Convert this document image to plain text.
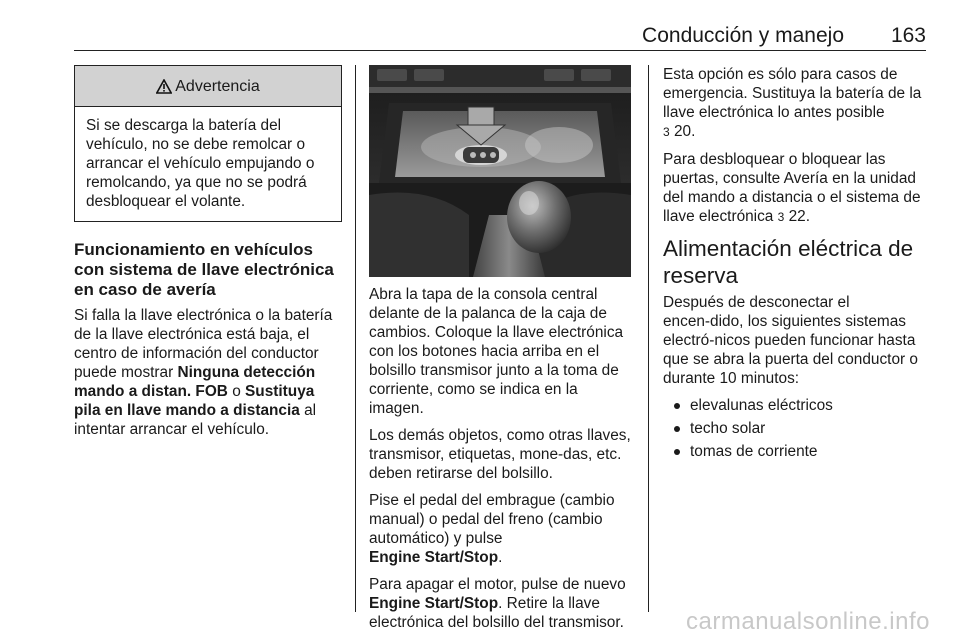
Conducción y manejo 163
Advertencia
Si se descarga la batería del vehículo, no se debe remolcar o arrancar el vehículo empujando o remolcando, ya que no se podrá desbloquear el volante.
Funcionamiento en vehículos con sistema de llave electrónica en caso de avería

Si falla la llave electrónica o la batería de la llave electrónica está baja, el centro de información del conductor puede mostrar Ninguna detección mando a distan. FOB o Sustituya pila en llave mando a distancia al intentar arrancar el vehículo.

Abra la tapa de la consola central delante de la palanca de la caja de cambios. Coloque la llave electrónica con los botones hacia arriba en el bolsillo transmisor junto a la toma de corriente, como se indica en la imagen.

Los demás objetos, como otras llaves, transmisor, etiquetas, mone‑das, etc. deben retirarse del bolsillo.

Pise el pedal del embrague (cambio manual) o pedal del freno (cambio automático) y pulse
Engine Start/Stop.

Para apagar el motor, pulse de nuevo Engine Start/Stop. Retire la llave electrónica del bolsillo del transmisor.

Esta opción es sólo para casos de emergencia. Sustituya la batería de la llave electrónica lo antes posible
3 20.

Para desbloquear o bloquear las puertas, consulte Avería en la unidad del mando a distancia o el sistema de llave electrónica 3 22.

Alimentación eléctrica de reserva

Después de desconectar el encen‑dido, los siguientes sistemas electró‑nicos pueden funcionar hasta que se abra la puerta del conductor o durante 10 minutos:

elevalunas eléctricos
techo solar
tomas de corriente
carmanualsonline.info
